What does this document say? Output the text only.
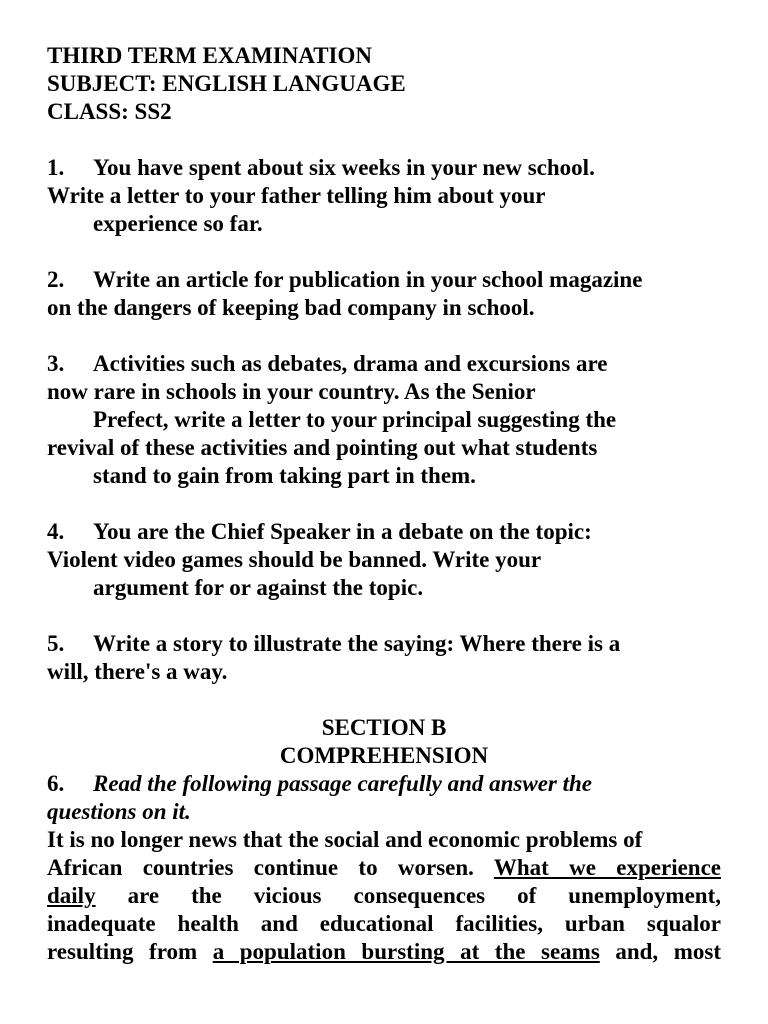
THIRD TERM EXAMINATION
SUBJECT: ENGLISH LANGUAGE
CLASS: SS2
1. You have spent about six weeks in your new school.
Write a letter to your father telling him about your
experience so far.
2. Write an article for publication in your school magazine
on the dangers of keeping bad company in school.
3. Activities such as debates, drama and excursions are
now rare in schools in your country. As the Senior
Prefect, write a letter to your principal suggesting the
revival of these activities and pointing out what students
stand to gain from taking part in them.
4. You are the Chief Speaker in a debate on the topic:
Violent video games should be banned. Write your
argument for or against the topic.
5. Write a story to illustrate the saying: Where there is a
will, there's a way.
SECTION B
COMPREHENSION
6. Read the following passage carefully and answer the
questions on it.
It is no longer news that the social and economic problems of
African countries continue to worsen. What we experience
daily are the vicious consequences of unemployment,
inadequate health and educational facilities, urban squalor
resulting from a population bursting at the seams and, most
